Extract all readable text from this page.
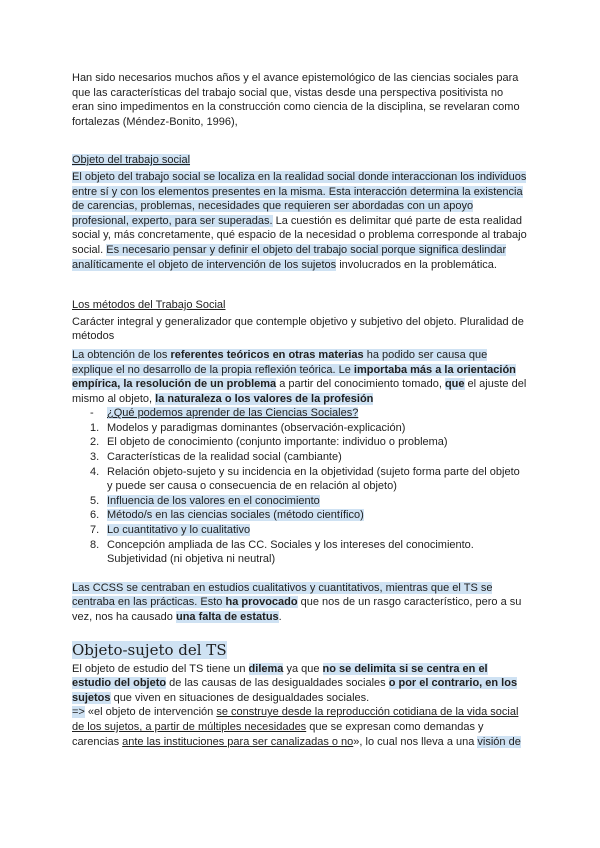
Han sido necesarios muchos años y el avance epistemológico de las ciencias sociales para que las características del trabajo social que, vistas desde una perspectiva positivista no eran sino impedimentos en la construcción como ciencia de la disciplina, se revelaran como fortalezas (Méndez-Bonito, 1996),

Objeto del trabajo social

El objeto del trabajo social se localiza en la realidad social donde interaccionan los individuos entre sí y con los elementos presentes en la misma. Esta interacción determina la existencia de carencias, problemas, necesidades que requieren ser abordadas con un apoyo profesional, experto, para ser superadas. La cuestión es delimitar qué parte de esta realidad social y, más concretamente, qué espacio de la necesidad o problema corresponde al trabajo social. Es necesario pensar y definir el objeto del trabajo social porque significa deslindar analíticamente el objeto de intervención de los sujetos involucrados en la problemática.

Los métodos del Trabajo Social

Carácter integral y generalizador que contemple objetivo y subjetivo del objeto. Pluralidad de métodos

La obtención de los referentes teóricos en otras materias ha podido ser causa que explique el no desarrollo de la propia reflexión teórica. Le importaba más a la orientación empírica, la resolución de un problema a partir del conocimiento tomado, que el ajuste del mismo al objeto, la naturaleza o los valores de la profesión

- ¿Qué podemos aprender de las Ciencias Sociales?
1. Modelos y paradigmas dominantes (observación-explicación)
2. El objeto de conocimiento (conjunto importante: individuo o problema)
3. Características de la realidad social (cambiante)
4. Relación objeto-sujeto y su incidencia en la objetividad (sujeto forma parte del objeto y puede ser causa o consecuencia de en relación al objeto)
5. Influencia de los valores en el conocimiento
6. Método/s en las ciencias sociales (método científico)
7. Lo cuantitativo y lo cualitativo
8. Concepción ampliada de las CC. Sociales y los intereses del conocimiento. Subjetividad (ni objetiva ni neutral)

Las CCSS se centraban en estudios cualitativos y cuantitativos, mientras que el TS se centraba en las prácticas. Esto ha provocado que nos de un rasgo característico, pero a su vez, nos ha causado una falta de estatus.

Objeto-sujeto del TS

El objeto de estudio del TS tiene un dilema ya que no se delimita si se centra en el estudio del objeto de las causas de las desigualdades sociales o por el contrario, en los sujetos que viven en situaciones de desigualdades sociales.

=> «el objeto de intervención se construye desde la reproducción cotidiana de la vida social de los sujetos, a partir de múltiples necesidades que se expresan como demandas y carencias ante las instituciones para ser canalizadas o no», lo cual nos lleva a una visión de
